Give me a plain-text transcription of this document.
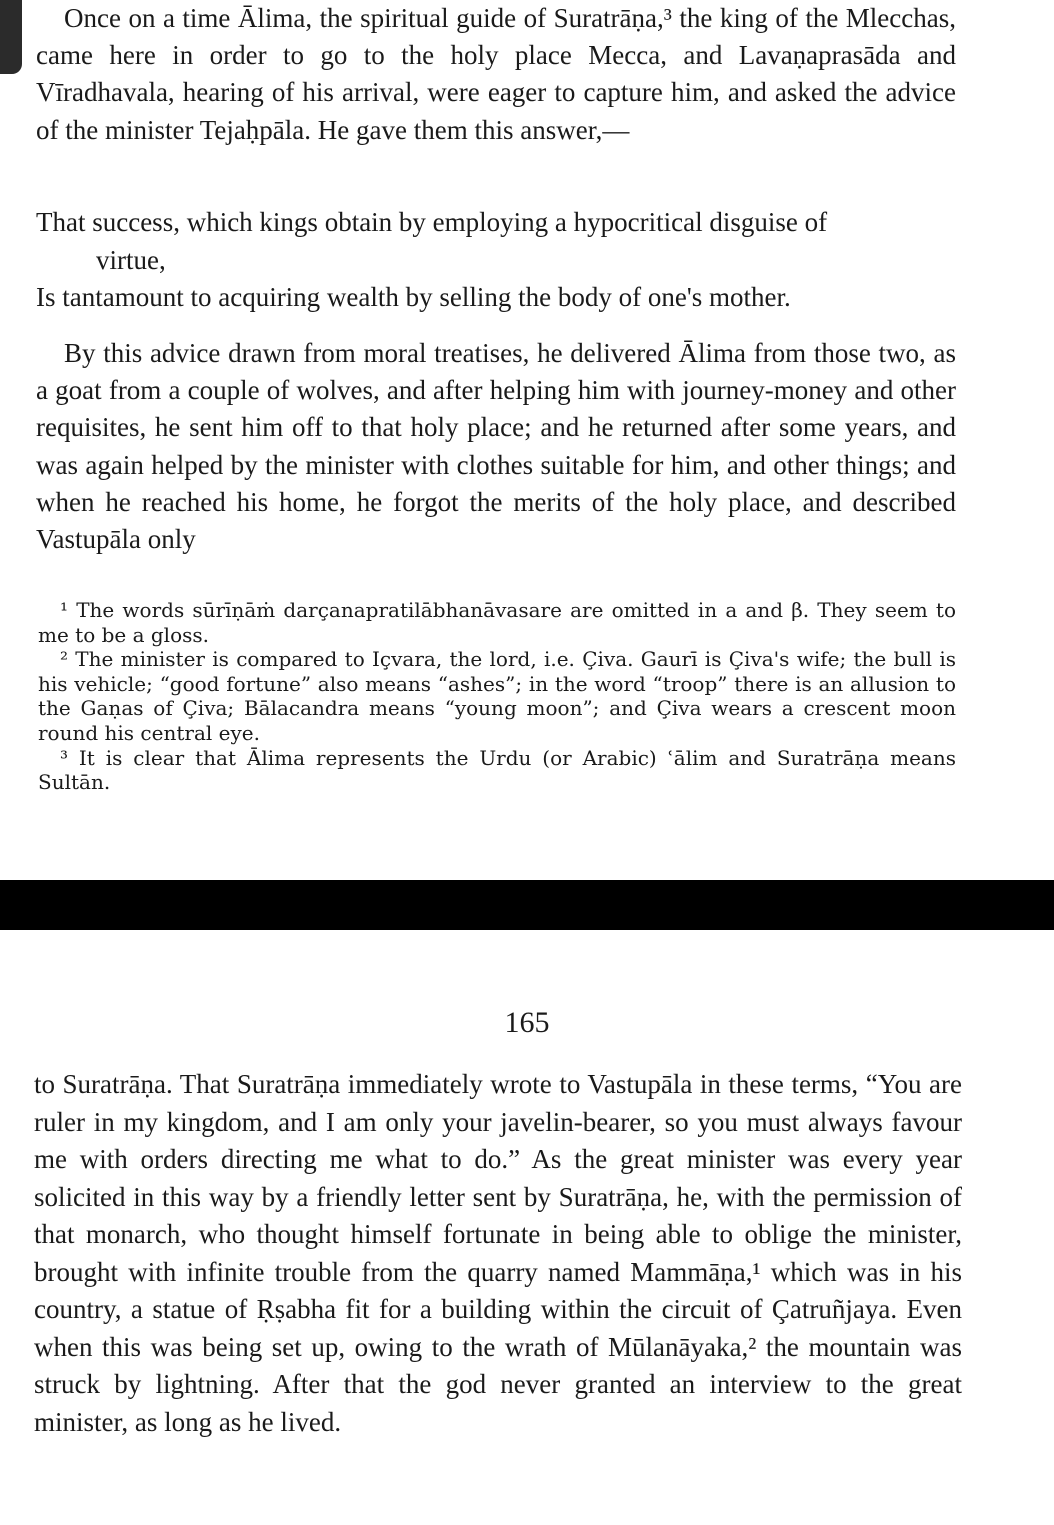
Once on a time Ālima, the spiritual guide of Suratrāṇa,³ the king of the Mlecchas, came here in order to go to the holy place Mecca, and Lavaṇaprasāda and Vīradhavala, hearing of his arrival, were eager to capture him, and asked the advice of the minister Tejaḥpāla. He gave them this answer,—

That success, which kings obtain by employing a hypocritical disguise of
virtue,
Is tantamount to acquiring wealth by selling the body of one's mother.

By this advice drawn from moral treatises, he delivered Ālima from those two, as a goat from a couple of wolves, and after helping him with journey-money and other requisites, he sent him off to that holy place; and he returned after some years, and was again helped by the minister with clothes suitable for him, and other things; and when he reached his home, he forgot the merits of the holy place, and described Vastupāla only

¹ The words sūrīṇāṁ darçanapratilābhanāvasare are omitted in a and β. They seem to me to be a gloss.

² The minister is compared to Içvara, the lord, i.e. Çiva. Gaurī is Çiva's wife; the bull is his vehicle; “good fortune” also means “ashes”; in the word “troop” there is an allusion to the Gaṇas of Çiva; Bālacandra means “young moon”; and Çiva wears a crescent moon round his central eye.

³ It is clear that Ālima represents the Urdu (or Arabic) ʿālim and Suratrāṇa means Sultān.

165

to Suratrāṇa. That Suratrāṇa immediately wrote to Vastupāla in these terms, “You are ruler in my kingdom, and I am only your javelin-bearer, so you must always favour me with orders directing me what to do.” As the great minister was every year solicited in this way by a friendly letter sent by Suratrāṇa, he, with the permission of that monarch, who thought himself fortunate in being able to oblige the minister, brought with infinite trouble from the quarry named Mammāṇa,¹ which was in his country, a statue of Ṛṣabha fit for a building within the circuit of Çatruñjaya. Even when this was being set up, owing to the wrath of Mūlanāyaka,² the mountain was struck by lightning. After that the god never granted an interview to the great minister, as long as he lived.
